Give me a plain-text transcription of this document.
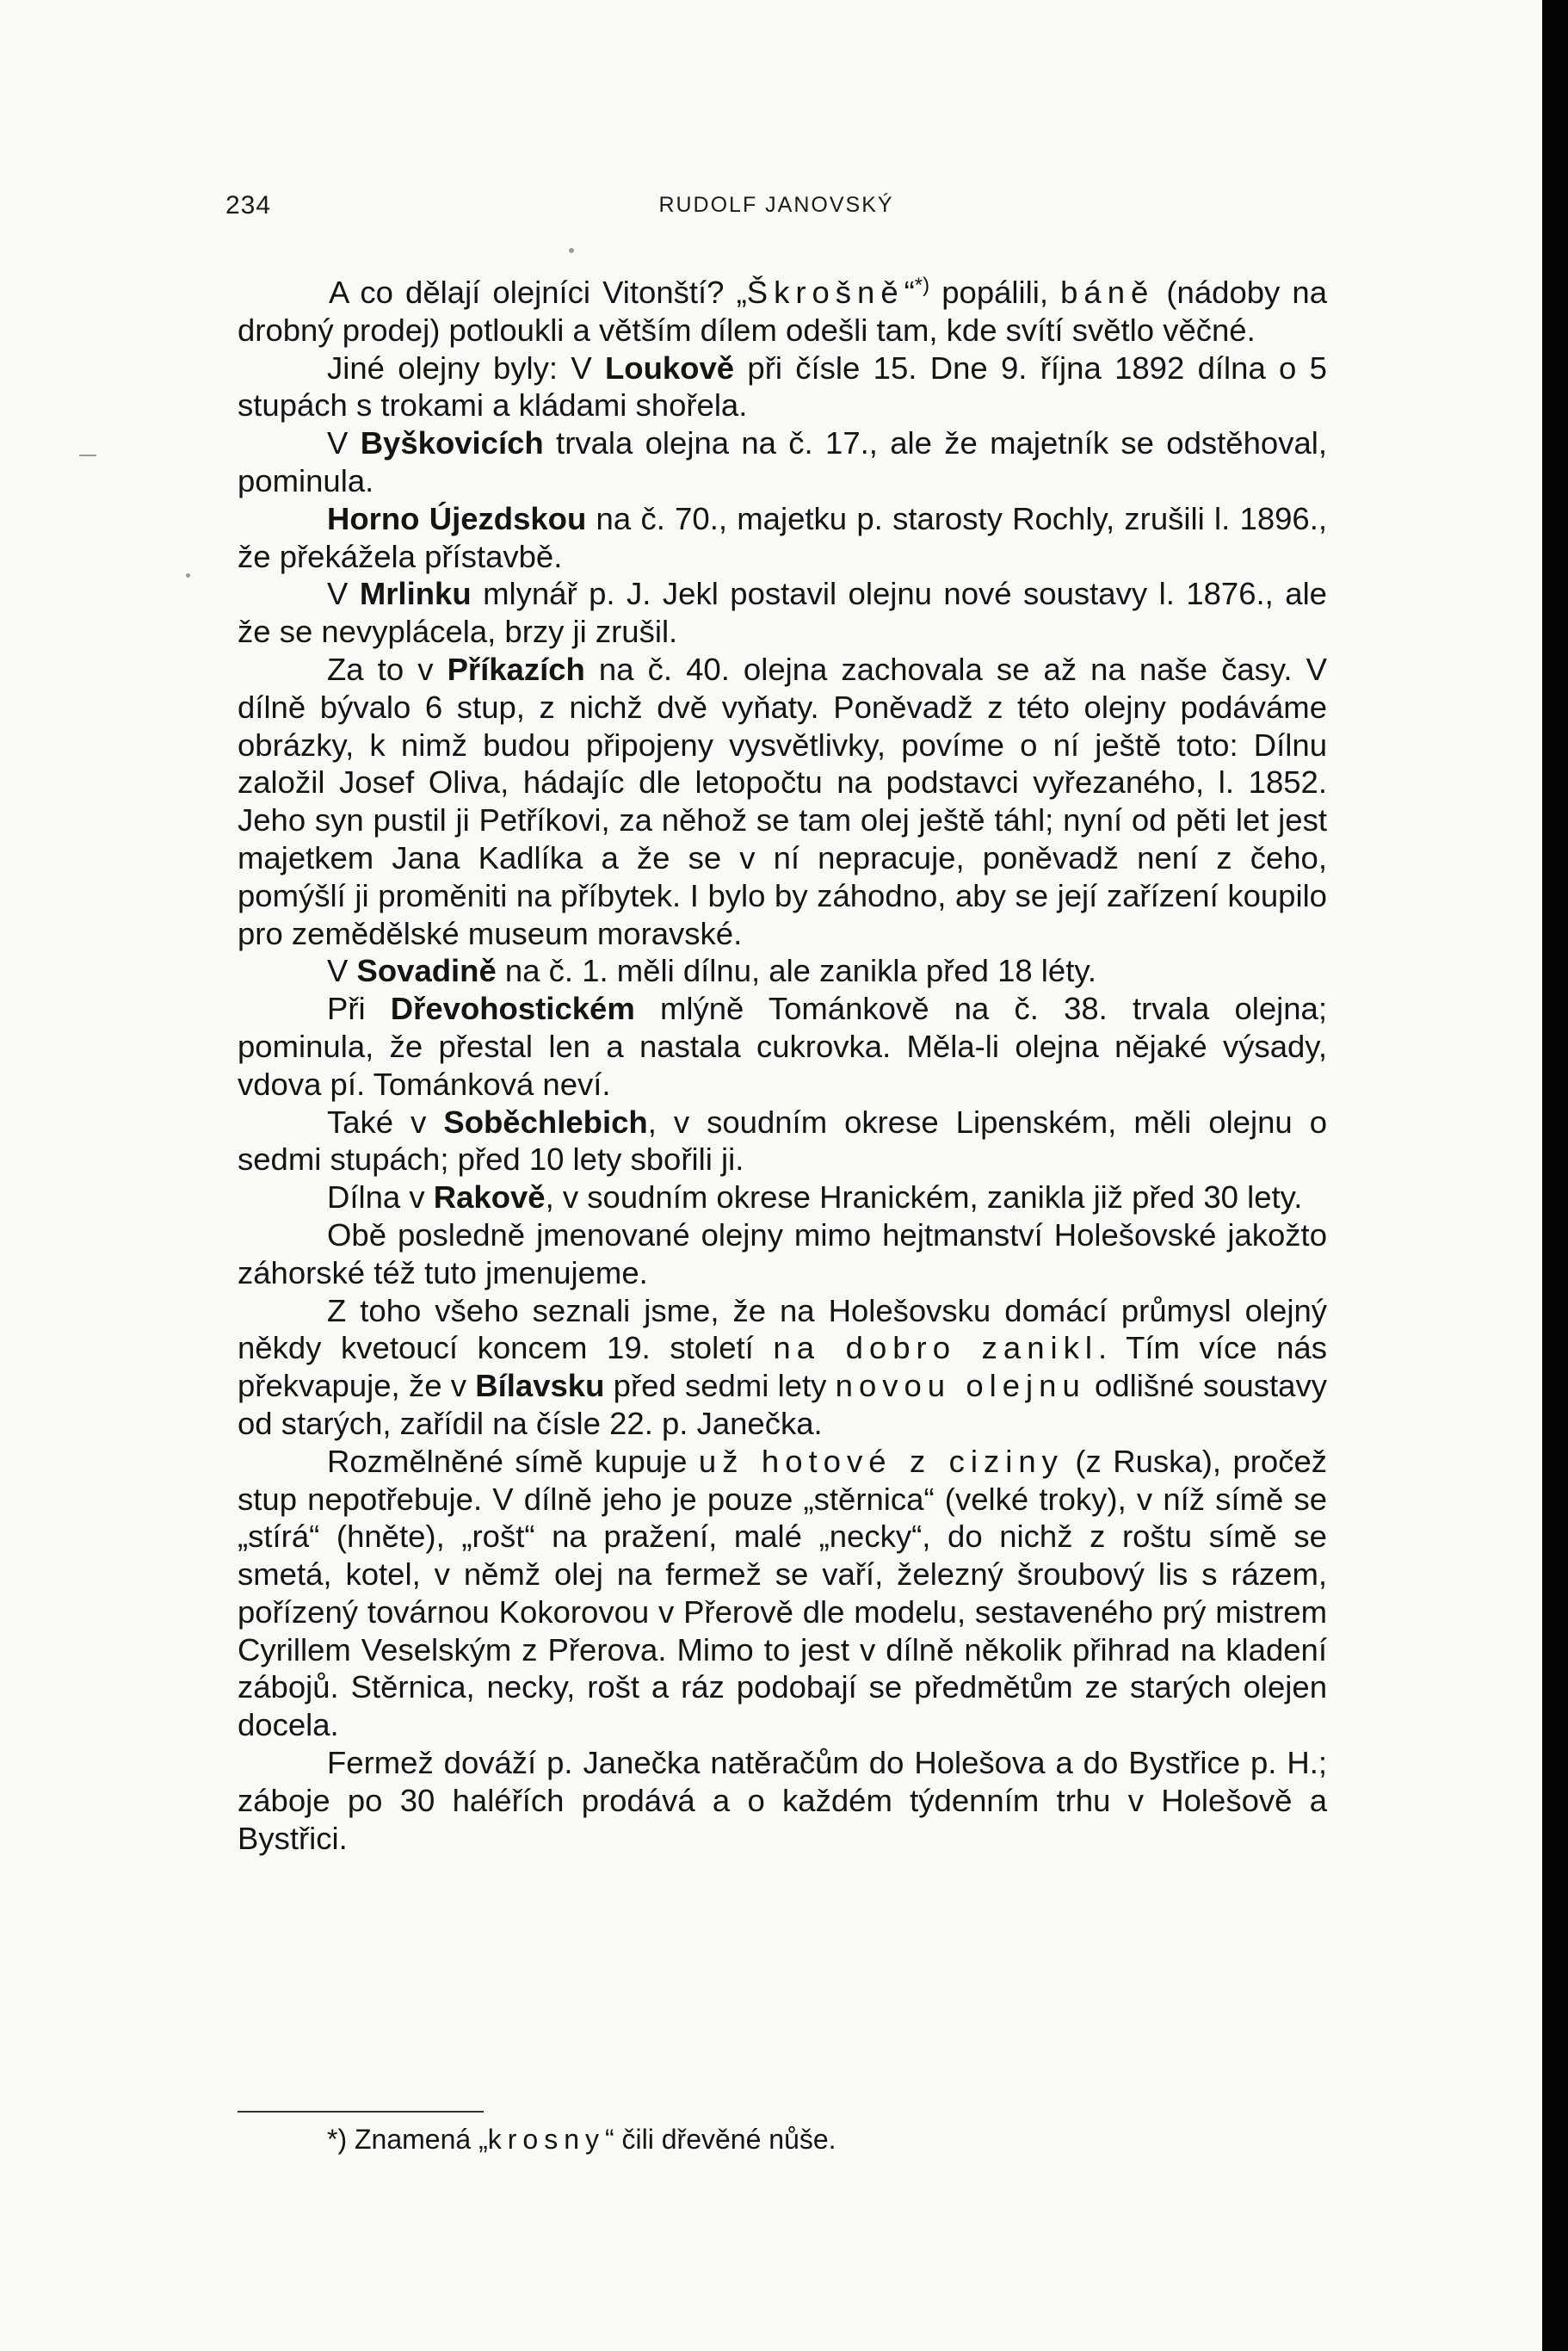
234	RUDOLF JANOVSKÝ

A co dělají olejníci Vitonští? „Škrošně“*) popálili, báně (nádoby na drobný prodej) potloukli a větším dílem odešli tam, kde svítí světlo věčné.

Jiné olejny byly: V Loukově při čísle 15. Dne 9. října 1892 dílna o 5 stupách s trokami a kládami shořela.

V Byškovicích trvala olejna na č. 17., ale že majetník se odstěhoval, pominula.

Horno Újezdskou na č. 70., majetku p. starosty Rochly, zrušili l. 1896., že překážela přístavbě.

V Mrlinku mlynář p. J. Jekl postavil olejnu nové soustavy l. 1876., ale že se nevyplácela, brzy ji zrušil.

Za to v Příkazích na č. 40. olejna zachovala se až na naše časy. V dílně bývalo 6 stup, z nichž dvě vyňaty. Poněvadž z této olejny podáváme obrázky, k nimž budou připojeny vysvětlivky, povíme o ní ještě toto: Dílnu založil Josef Oliva, hádajíc dle letopočtu na podstavci vyřezaného, l. 1852. Jeho syn pustil ji Petříkovi, za něhož se tam olej ještě táhl; nyní od pěti let jest majetkem Jana Kadlíka a že se v ní nepracuje, poněvadž není z čeho, pomýšlí ji proměniti na příbytek. I bylo by záhodno, aby se její zařízení koupilo pro zemědělské museum moravské.

V Sovadině na č. 1. měli dílnu, ale zanikla před 18 léty.

Při Dřevohostickém mlýně Tománkově na č. 38. trvala olejna; pominula, že přestal len a nastala cukrovka. Měla-li olejna nějaké výsady, vdova pí. Tománková neví.

Také v Soběchlebich, v soudním okrese Lipenském, měli olejnu o sedmi stupách; před 10 lety sbořili ji.

Dílna v Rakově, v soudním okrese Hranickém, zanikla již před 30 lety.

Obě posledně jmenované olejny mimo hejtmanství Holešovské jakožto záhorské též tuto jmenujeme.

Z toho všeho seznali jsme, že na Holešovsku domácí průmysl olejný někdy kvetoucí koncem 19. století na dobro zanikl. Tím více nás překvapuje, že v Bílavsku před sedmi lety novou olejnu odlišné soustavy od starých, zařídil na čísle 22. p. Janečka.

Rozmělněné símě kupuje už hotové z ciziny (z Ruska), pročež stup nepotřebuje. V dílně jeho je pouze „stěrnica“ (velké troky), v níž símě se „stírá“ (hněte), „rošt“ na pražení, malé „necky“, do nichž z roštu símě se smetá, kotel, v němž olej na fermež se vaří, železný šroubový lis s rázem, pořízený továrnou Kokorovou v Přerově dle modelu, sestaveného prý mistrem Cyrillem Veselským z Přerova. Mimo to jest v dílně několik přihrad na kladení zábojů. Stěrnica, necky, rošt a ráz podobají se předmětům ze starých olejen docela.

Fermež dováží p. Janečka natěračům do Holešova a do Bystřice p. H.; záboje po 30 haléřích prodává a o každém týdenním trhu v Holešově a Bystřici.

*) Znamená „krosny“ čili dřevěné nůše.
